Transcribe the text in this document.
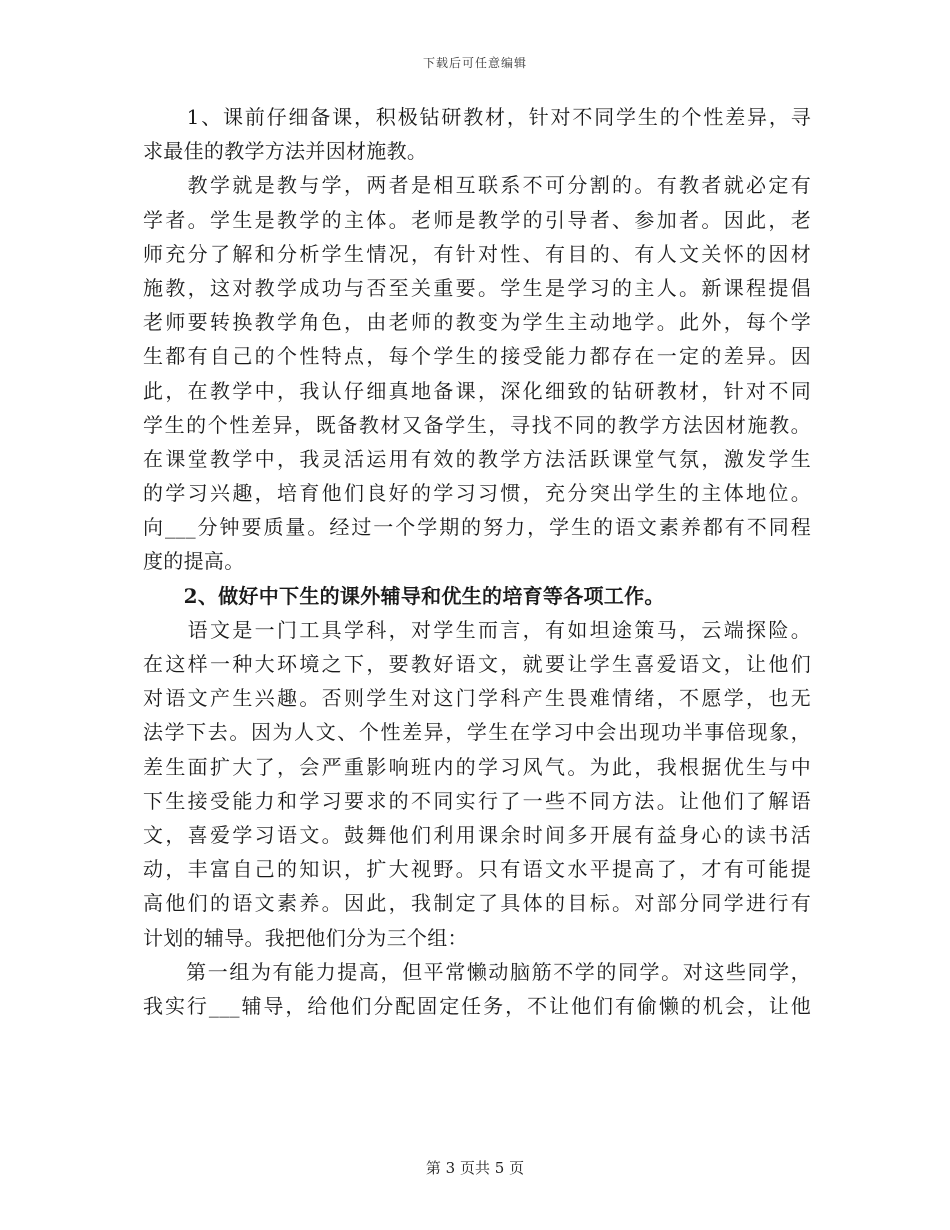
下载后可任意编辑
　　1、课前仔细备课，积极钻研教材，针对不同学生的个性差异，寻
求最佳的教学方法并因材施教。
　　教学就是教与学，两者是相互联系不可分割的。有教者就必定有
学者。学生是教学的主体。老师是教学的引导者、参加者。因此，老
师充分了解和分析学生情况，有针对性、有目的、有人文关怀的因材
施教，这对教学成功与否至关重要。学生是学习的主人。新课程提倡
老师要转换教学角色，由老师的教变为学生主动地学。此外，每个学
生都有自己的个性特点，每个学生的接受能力都存在一定的差异。因
此，在教学中，我认仔细真地备课，深化细致的钻研教材，针对不同
学生的个性差异，既备教材又备学生，寻找不同的教学方法因材施教。
在课堂教学中，我灵活运用有效的教学方法活跃课堂气氛，激发学生
的学习兴趣，培育他们良好的学习习惯，充分突出学生的主体地位。
向___分钟要质量。经过一个学期的努力，学生的语文素养都有不同程
度的提高。
　　2、做好中下生的课外辅导和优生的培育等各项工作。
　　语文是一门工具学科，对学生而言，有如坦途策马，云端探险。
在这样一种大环境之下，要教好语文，就要让学生喜爱语文，让他们
对语文产生兴趣。否则学生对这门学科产生畏难情绪，不愿学，也无
法学下去。因为人文、个性差异，学生在学习中会出现功半事倍现象，
差生面扩大了，会严重影响班内的学习风气。为此，我根据优生与中
下生接受能力和学习要求的不同实行了一些不同方法。让他们了解语
文，喜爱学习语文。鼓舞他们利用课余时间多开展有益身心的读书活
动，丰富自己的知识，扩大视野。只有语文水平提高了，才有可能提
高他们的语文素养。因此，我制定了具体的目标。对部分同学进行有
计划的辅导。我把他们分为三个组：
　　第一组为有能力提高，但平常懒动脑筋不学的同学。对这些同学，
我实行___辅导，给他们分配固定任务，不让他们有偷懒的机会，让他
第 3 页共 5 页
